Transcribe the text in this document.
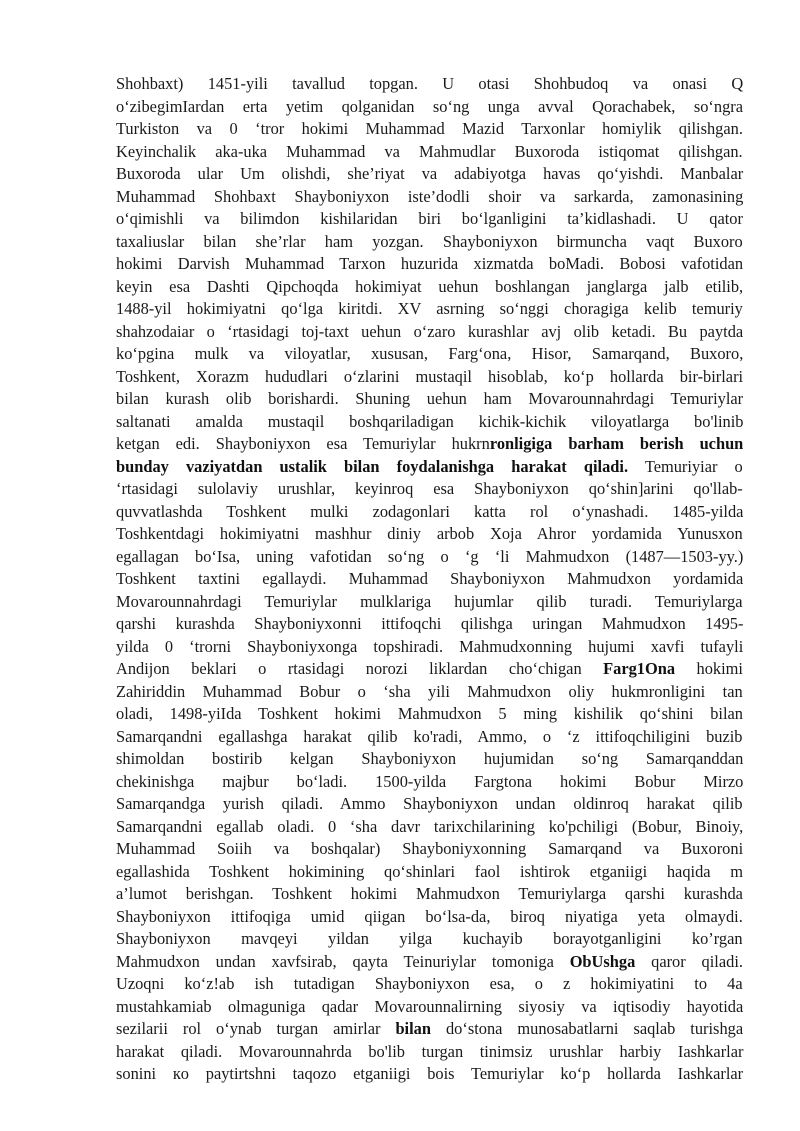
Shohbaxt) 1451-yili tavallud topgan. U otasi Shohbudoq va onasi Q
o‘zibegimIardan erta yetim qolganidan so‘ng unga avval Qorachabek, so‘ngra
Turkiston va 0 ‘tror hokimi Muhammad Mazid Tarxonlar homiylik qilishgan.
Keyinchalik aka-uka Muhammad va Mahmudlar Buxoroda istiqomat qilishgan.
Buxoroda ular Um olishdi, she’riyat va adabiyotga havas qo‘yishdi. Manbalar
Muhammad Shohbaxt Shayboniyxon iste’dodli shoir va sarkarda, zamonasining
o‘qimishli va bilimdon kishilaridan biri bo‘lganligini ta’kidlashadi. U qator
taxaliuslar bilan she’rlar ham yozgan. Shayboniyxon birmuncha vaqt Buxoro
hokimi Darvish Muhammad Tarxon huzurida xizmatda boMadi. Bobosi vafotidan
keyin esa Dashti Qipchoqda hokimiyat uehun boshlangan janglarga jalb etilib,
1488-yil hokimiyatni qo‘lga kiritdi. XV asrning so‘nggi choragiga kelib temuriy
shahzodaiar o ‘rtasidagi toj-taxt uehun o‘zaro kurashlar avj olib ketadi. Bu paytda
ko‘pgina mulk va viloyatlar, xususan, Farg‘ona, Hisor, Samarqand, Buxoro,
Toshkent, Xorazm hududlari o‘zlarini mustaqil hisoblab, ko‘p hollarda bir-birlari
bilan kurash olib borishardi. Shuning uehun ham Movarounnahrdagi Temuriylar
saltanati amalda mustaqil boshqariladigan kichik-kichik viloyatlarga bo'linib
ketgan edi. Shayboniyxon esa Temuriylar hukrnronligiga barham berish uchun
bunday vaziyatdan ustalik bilan foydalanishga harakat qiladi. Temuriyiar o
‘rtasidagi sulolaviy urushlar, keyinroq esa Shayboniyxon qo‘shin]arini qo'llab-
quvvatlashda Toshkent mulki zodagonlari katta rol o‘ynashadi. 1485-yilda
Toshkentdagi hokimiyatni mashhur diniy arbob Xoja Ahror yordamida Yunusxon
egallagan bo‘Isa, uning vafotidan so‘ng o ‘g ‘li Mahmudxon (1487—1503-yy.)
Toshkent taxtini egallaydi. Muhammad Shayboniyxon Mahmudxon yordamida
Movarounnahrdagi Temuriylar mulklariga hujumlar qilib turadi. Temuriylarga
qarshi kurashda Shayboniyxonni ittifoqchi qilishga uringan Mahmudxon 1495-
yilda 0 ‘trorni Shayboniyxonga topshiradi. Mahmudxonning hujumi xavfi tufayli
Andijon beklari o rtasidagi norozi liklardan cho‘chigan Farg1Ona hokimi
Zahiriddin Muhammad Bobur o ‘sha yili Mahmudxon oliy hukmronligini tan
oladi, 1498-yiIda Toshkent hokimi Mahmudxon 5 ming kishilik qo‘shini bilan
Samarqandni egallashga harakat qilib ko'radi, Ammo, o ‘z ittifoqchiligini buzib
shimoldan bostirib kelgan Shayboniyxon hujumidan so‘ng Samarqanddan
chekinishga majbur bo‘ladi. 1500-yilda Fargtona hokimi Bobur Mirzo
Samarqandga yurish qiladi. Ammo Shayboniyxon undan oldinroq harakat qilib
Samarqandni egallab oladi. 0 ‘sha davr tarixchilarining ko'pchiligi (Bobur, Binoiy,
Muhammad Soiih va boshqalar) Shayboniyxonning Samarqand va Buxoroni
egallashida Toshkent hokimining qo‘shinlari faol ishtirok etganiigi haqida m
a’lumot berishgan. Toshkent hokimi Mahmudxon Temuriylarga qarshi kurashda
Shayboniyxon ittifoqiga umid qiigan bo‘lsa-da, biroq niyatiga yeta olmaydi.
Shayboniyxon mavqeyi yildan yilga kuchayib borayotganligini ko’rgan
Mahmudxon undan xavfsirab, qayta Teinuriylar tomoniga ObUshga qaror qiladi.
Uzoqni ko‘z!ab ish tutadigan Shayboniyxon esa, o z hokimiyatini to 4a
mustahkamiab olmaguniga qadar Movarounnalirning siyosiy va iqtisodiy hayotida
sezilarii rol o‘ynab turgan amirlar bilan do‘stona munosabatlarni saqlab turishga
harakat qiladi. Movarounnahrda bo'lib turgan tinimsiz urushlar harbiy Iashkarlar
sonini кo paytirtshni taqozo etganiigi bois Temuriylar ko‘p hollarda Iashkarlar
